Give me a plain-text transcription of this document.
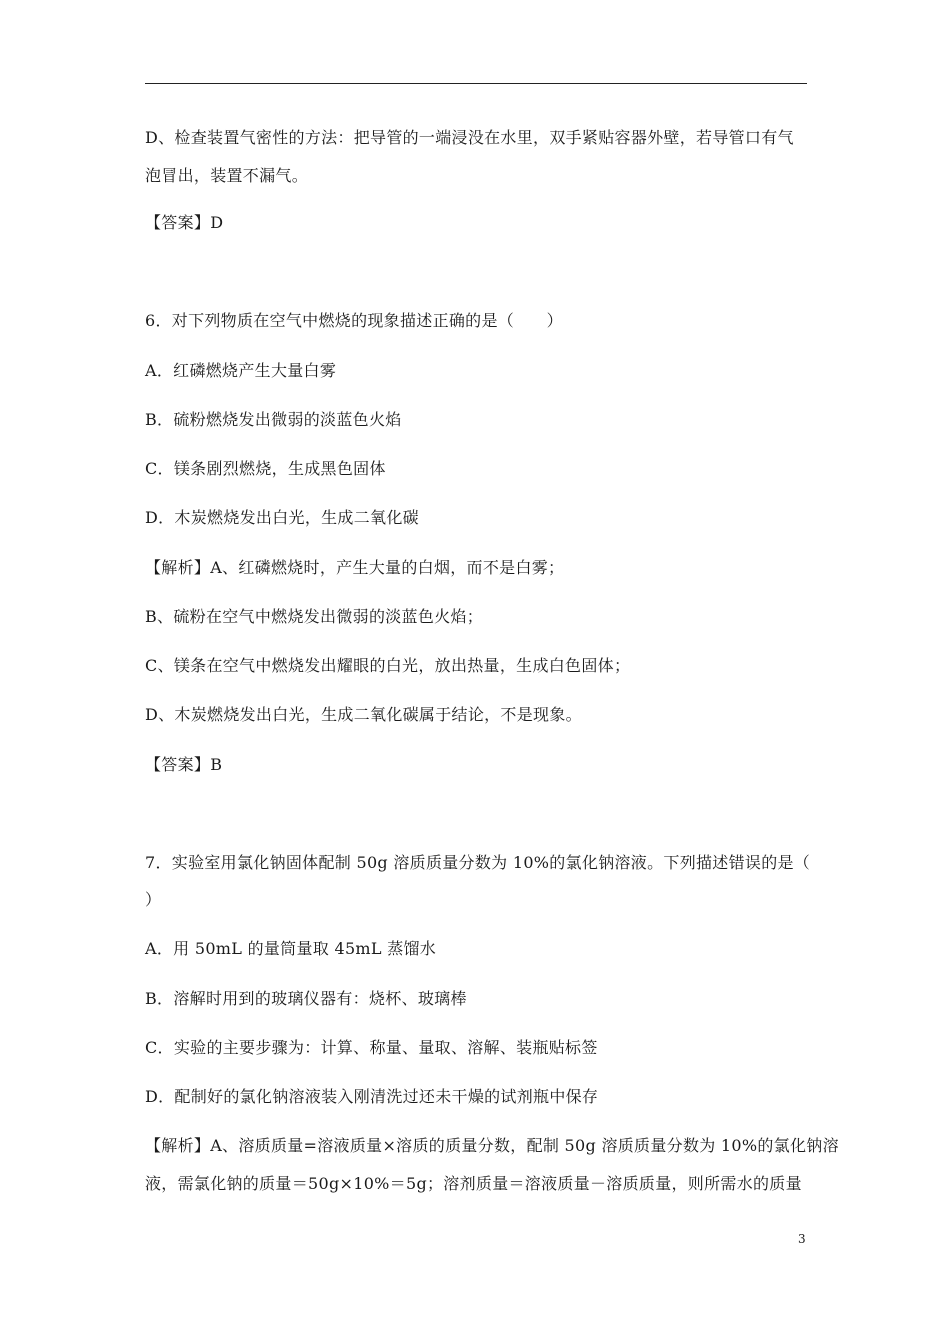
D、检查装置气密性的方法：把导管的一端浸没在水里，双手紧贴容器外壁，若导管口有气
泡冒出，装置不漏气。
【答案】D
6．对下列物质在空气中燃烧的现象描述正确的是（　　）
A．红磷燃烧产生大量白雾
B．硫粉燃烧发出微弱的淡蓝色火焰
C．镁条剧烈燃烧，生成黑色固体
D．木炭燃烧发出白光，生成二氧化碳
【解析】A、红磷燃烧时，产生大量的白烟，而不是白雾；
B、硫粉在空气中燃烧发出微弱的淡蓝色火焰；
C、镁条在空气中燃烧发出耀眼的白光，放出热量，生成白色固体；
D、木炭燃烧发出白光，生成二氧化碳属于结论，不是现象。
【答案】B
7．实验室用氯化钠固体配制 50g 溶质质量分数为 10%的氯化钠溶液。下列描述错误的是（
）
A．用 50mL 的量筒量取 45mL 蒸馏水
B．溶解时用到的玻璃仪器有：烧杯、玻璃棒
C．实验的主要步骤为：计算、称量、量取、溶解、装瓶贴标签
D．配制好的氯化钠溶液装入刚清洗过还未干燥的试剂瓶中保存
【解析】A、溶质质量=溶液质量×溶质的质量分数，配制 50g 溶质质量分数为 10%的氯化钠溶
液，需氯化钠的质量＝50g×10%＝5g；溶剂质量＝溶液质量－溶质质量，则所需水的质量
3
